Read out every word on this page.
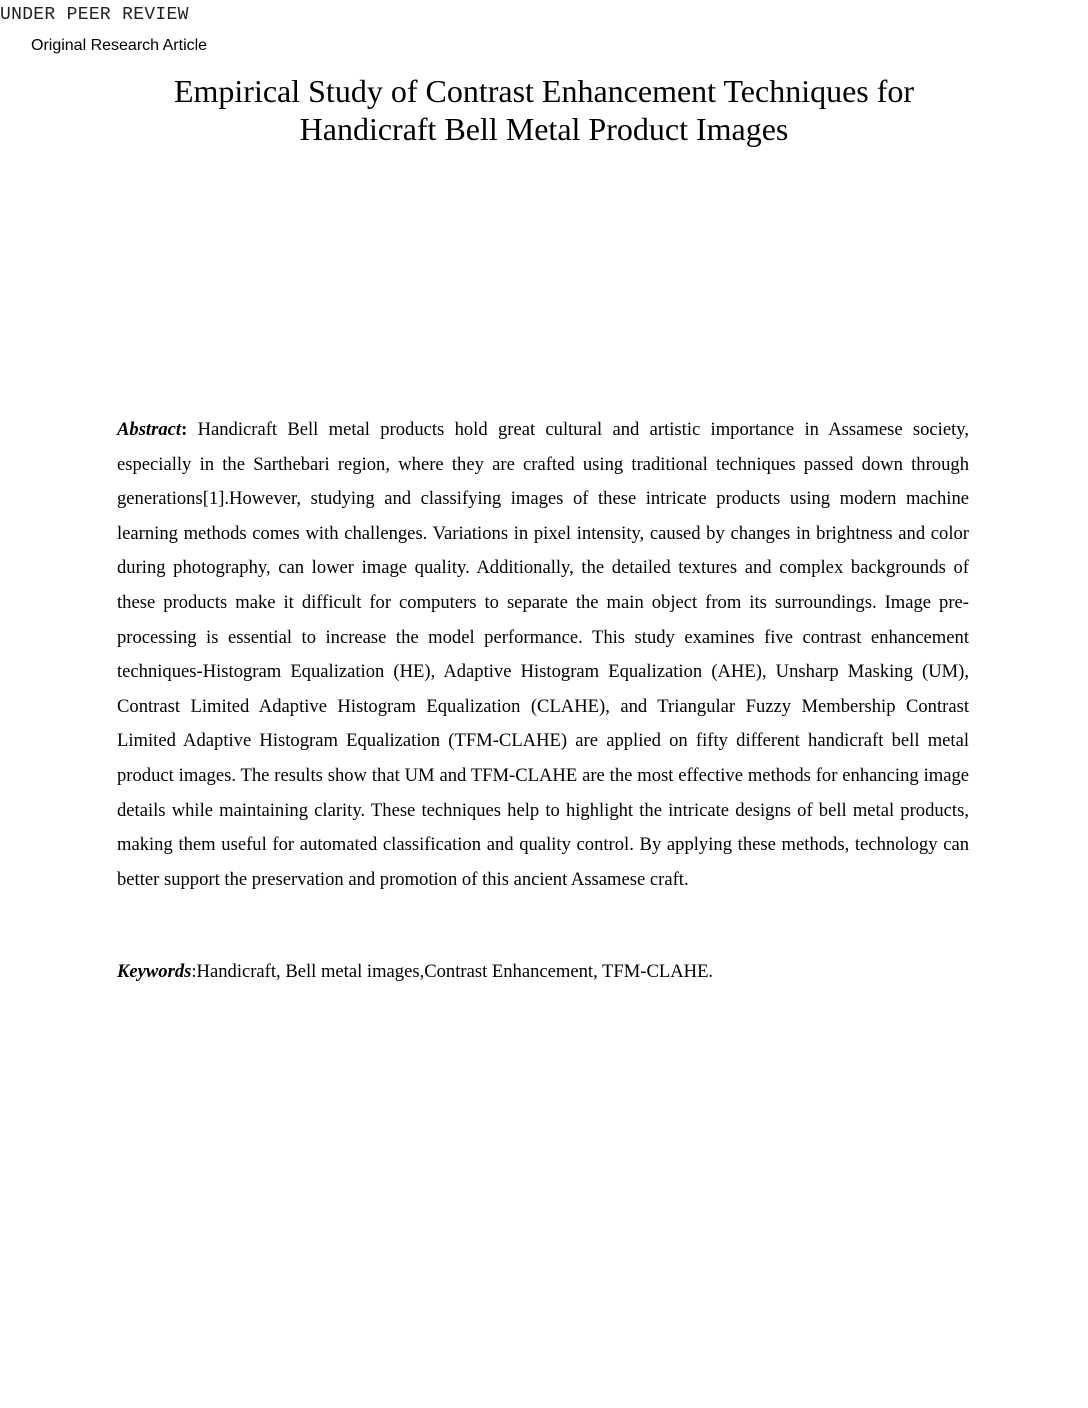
UNDER PEER REVIEW
Original Research Article
Empirical Study of Contrast Enhancement Techniques for
Handicraft Bell Metal Product Images

Abstract: Handicraft Bell metal products hold great cultural and artistic importance in Assamese society, especially in the Sarthebari region, where they are crafted using traditional techniques passed down through generations[1].However, studying and classifying images of these intricate products using modern machine learning methods comes with challenges. Variations in pixel intensity, caused by changes in brightness and color during photography, can lower image quality. Additionally, the detailed textures and complex backgrounds of these products make it difficult for computers to separate the main object from its surroundings. Image pre-processing is essential to increase the model performance. This study examines five contrast enhancement techniques-Histogram Equalization (HE), Adaptive Histogram Equalization (AHE), Unsharp Masking (UM), Contrast Limited Adaptive Histogram Equalization (CLAHE), and Triangular Fuzzy Membership Contrast Limited Adaptive Histogram Equalization (TFM-CLAHE) are applied on fifty different handicraft bell metal product images. The results show that UM and TFM-CLAHE are the most effective methods for enhancing image details while maintaining clarity. These techniques help to highlight the intricate designs of bell metal products, making them useful for automated classification and quality control. By applying these methods, technology can better support the preservation and promotion of this ancient Assamese craft.

Keywords:Handicraft, Bell metal images,Contrast Enhancement, TFM-CLAHE.
